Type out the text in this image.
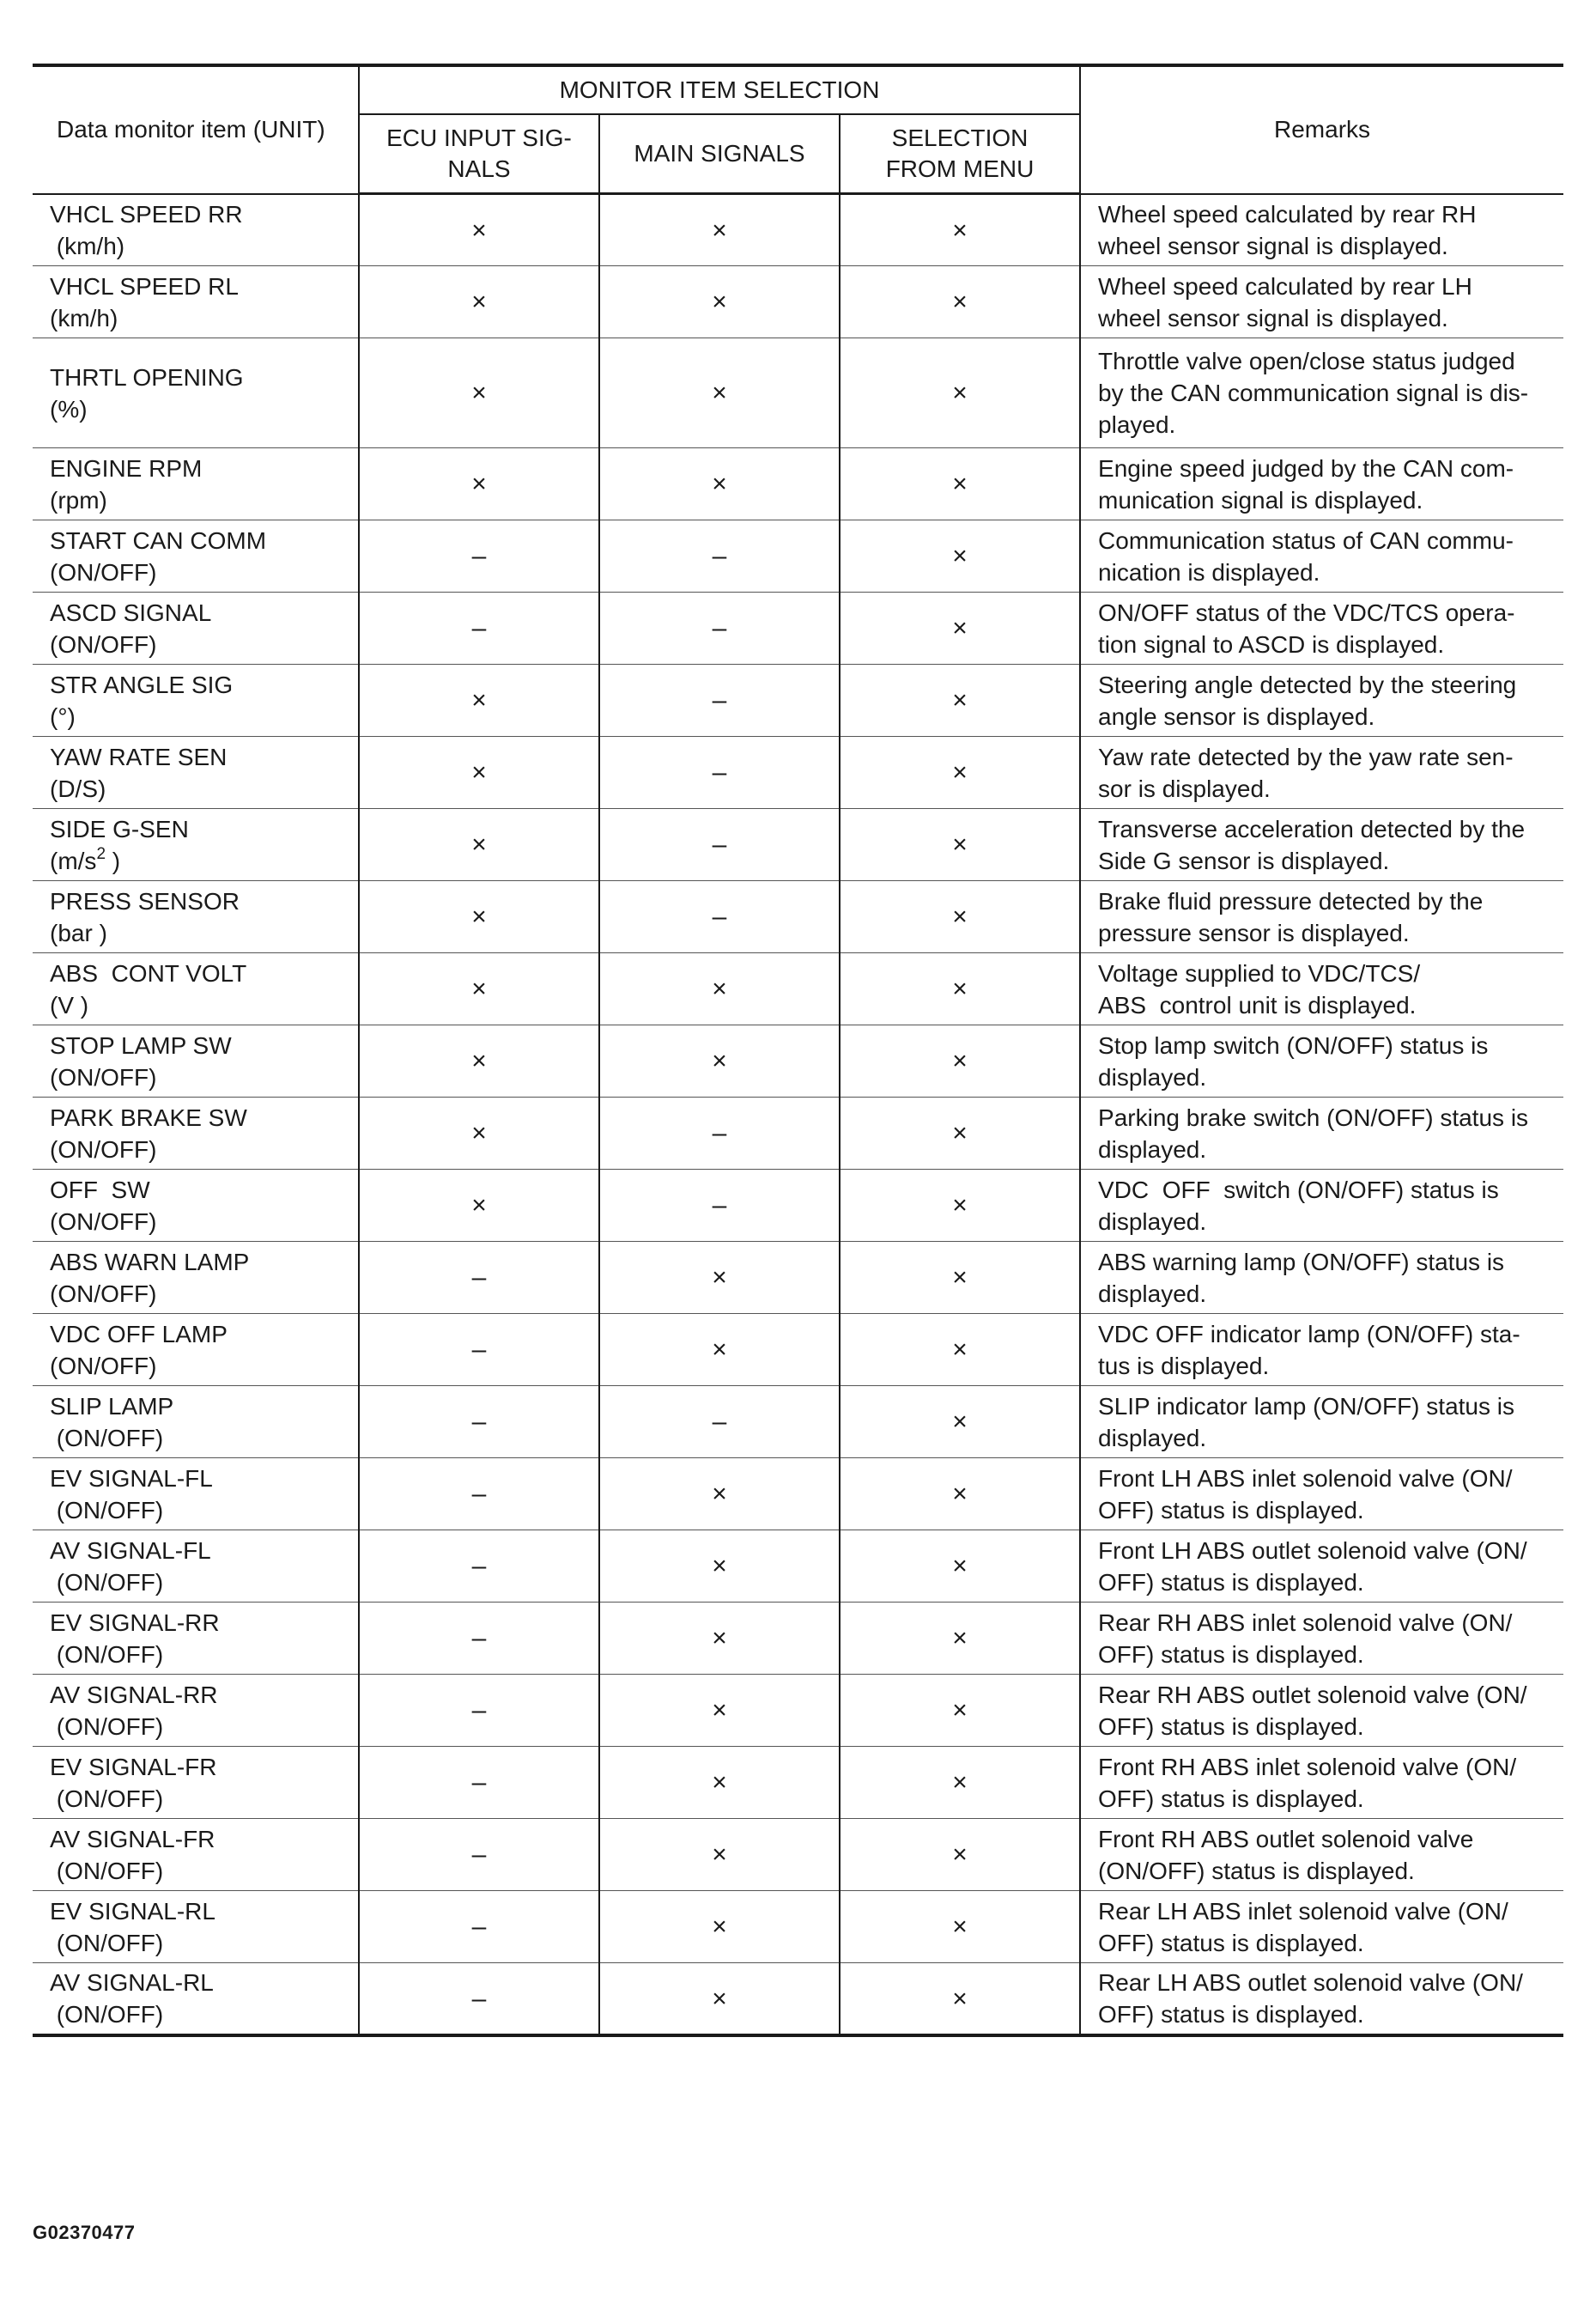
Data monitor item (UNIT)	MONITOR ITEM SELECTION			Remarks

	ECU INPUT SIG-
NALS	MAIN SIGNALS	SELECTION
FROM MENU	

VHCL SPEED RR
(km/h)	×	×	×	Wheel speed calculated by rear RH
wheel sensor signal is displayed.

VHCL SPEED RL
(km/h)	×	×	×	Wheel speed calculated by rear LH
wheel sensor signal is displayed.

THRTL OPENING
(%)	×	×	×	Throttle valve open/close status judged
by the CAN communication signal is dis-
played.

ENGINE RPM
(rpm)	×	×	×	Engine speed judged by the CAN com-
munication signal is displayed.

START CAN COMM
(ON/OFF)	–	–	×	Communication status of CAN commu-
nication is displayed.

ASCD SIGNAL
(ON/OFF)	–	–	×	ON/OFF status of the VDC/TCS opera-
tion signal to ASCD is displayed.

STR ANGLE SIG
(°)	×	–	×	Steering angle detected by the steering
angle sensor is displayed.

YAW RATE SEN
(D/S)	×	–	×	Yaw rate detected by the yaw rate sen-
sor is displayed.

SIDE G-SEN
($m/s^2$ )	×	–	×	Transverse acceleration detected by the
Side G sensor is displayed.

PRESS SENSOR
(bar )	×	–	×	Brake fluid pressure detected by the
pressure sensor is displayed.

ABS  CONT VOLT
(V )	×	×	×	Voltage supplied to VDC/TCS/
ABS  control unit is displayed.

STOP LAMP SW
(ON/OFF)	×	×	×	Stop lamp switch (ON/OFF) status is
displayed.

PARK BRAKE SW
(ON/OFF)	×	–	×	Parking brake switch (ON/OFF) status is
displayed.

OFF  SW
(ON/OFF)	×	–	×	VDC  OFF  switch (ON/OFF) status is
displayed.

ABS WARN LAMP
(ON/OFF)	–	×	×	ABS warning lamp (ON/OFF) status is
displayed.

VDC OFF LAMP
(ON/OFF)	–	×	×	VDC OFF indicator lamp (ON/OFF) sta-
tus is displayed.

SLIP LAMP
(ON/OFF)	–	–	×	SLIP indicator lamp (ON/OFF) status is
displayed.

EV SIGNAL-FL
(ON/OFF)	–	×	×	Front LH ABS inlet solenoid valve (ON/
OFF) status is displayed.

AV SIGNAL-FL
(ON/OFF)	–	×	×	Front LH ABS outlet solenoid valve (ON/
OFF) status is displayed.

EV SIGNAL-RR
(ON/OFF)	–	×	×	Rear RH ABS inlet solenoid valve (ON/
OFF) status is displayed.

AV SIGNAL-RR
(ON/OFF)	–	×	×	Rear RH ABS outlet solenoid valve (ON/
OFF) status is displayed.

EV SIGNAL-FR
(ON/OFF)	–	×	×	Front RH ABS inlet solenoid valve (ON/
OFF) status is displayed.

AV SIGNAL-FR
(ON/OFF)	–	×	×	Front RH ABS outlet solenoid valve
(ON/OFF) status is displayed.

EV SIGNAL-RL
(ON/OFF)	–	×	×	Rear LH ABS inlet solenoid valve (ON/
OFF) status is displayed.

AV SIGNAL-RL
(ON/OFF)	–	×	×	Rear LH ABS outlet solenoid valve (ON/
OFF) status is displayed.
G02370477
